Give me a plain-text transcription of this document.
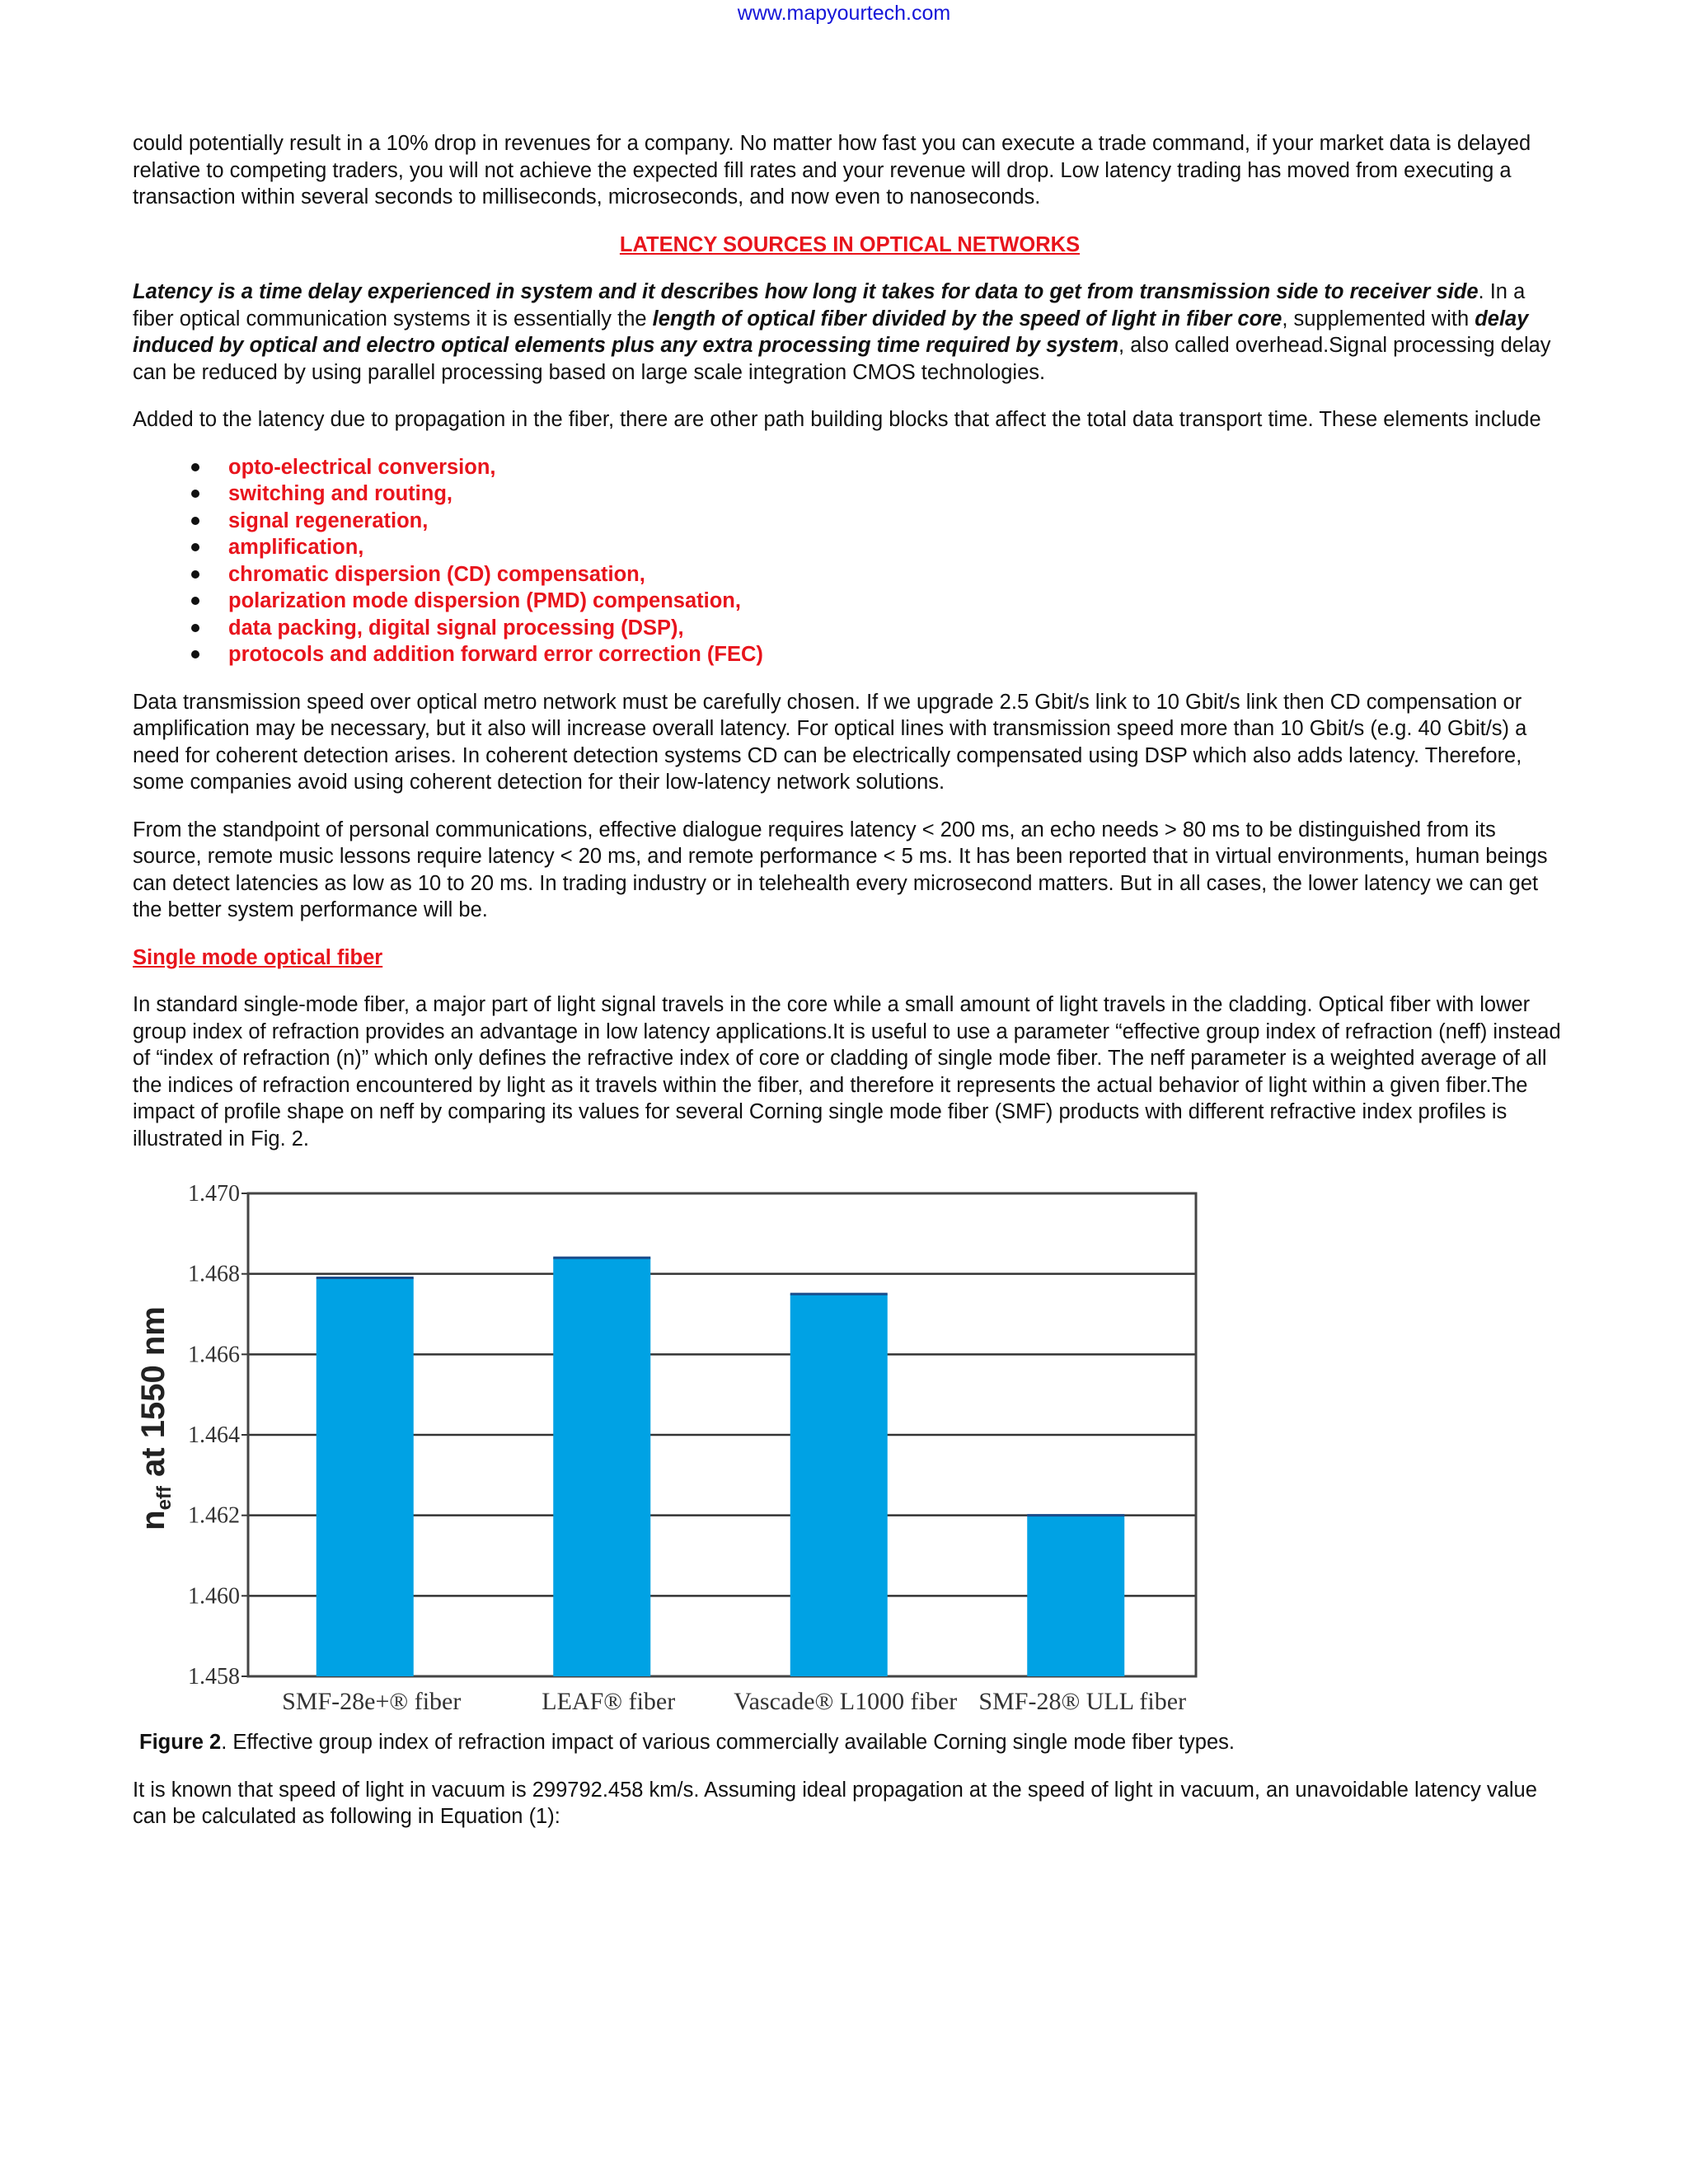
www.mapyourtech.com

could potentially result in a 10% drop in revenues for a company. No matter how fast you can execute a trade command, if your market data is delayed relative to competing traders, you will not achieve the expected fill rates and your revenue will drop. Low latency trading has moved from executing a transaction within several seconds to milliseconds, microseconds, and now even to nanoseconds.

LATENCY SOURCES IN OPTICAL NETWORKS

Latency is a time delay experienced in system and it describes how long it takes for data to get from transmission side to receiver side. In a fiber optical communication systems it is essentially the length of optical fiber divided by the speed of light in fiber core, supplemented with delay induced by optical and electro optical elements plus any extra processing time required by system, also called overhead.Signal processing delay can be reduced by using parallel processing based on large scale integration CMOS technologies.

Added to the latency due to propagation in the fiber, there are other path building blocks that affect the total data transport time. These elements include

opto-electrical conversion,
switching and routing,
signal regeneration,
amplification,
chromatic dispersion (CD) compensation,
polarization mode dispersion (PMD) compensation,
data packing, digital signal processing (DSP),
protocols and addition forward error correction (FEC)

Data transmission speed over optical metro network must be carefully chosen. If we upgrade 2.5 Gbit/s link to 10 Gbit/s link then CD compensation or amplification may be necessary, but it also will increase overall latency. For optical lines with transmission speed more than 10 Gbit/s (e.g. 40 Gbit/s) a need for coherent detection arises. In coherent detection systems CD can be electrically compensated using DSP which also adds latency. Therefore, some companies avoid using coherent detection for their low-latency network solutions.

From the standpoint of personal communications, effective dialogue requires latency < 200 ms, an echo needs > 80 ms to be distinguished from its source, remote music lessons require latency < 20 ms, and remote performance < 5 ms. It has been reported that in virtual environments, human beings can detect latencies as low as 10 to 20 ms. In trading industry or in telehealth every microsecond matters. But in all cases, the lower latency we can get the better system performance will be.

Single mode optical fiber

In standard single-mode fiber, a major part of light signal travels in the core while a small amount of light travels in the cladding. Optical fiber with lower group index of refraction provides an advantage in low latency applications.It is useful to use a parameter “effective group index of refraction (neff) instead of “index of refraction (n)” which only defines the refractive index of core or cladding of single mode fiber. The neff parameter is a weighted average of all the indices of refraction encountered by light as it travels within the fiber, and therefore it represents the actual behavior of light within a given fiber.The impact of profile shape on neff by comparing its values for several Corning single mode fiber (SMF) products with different refractive index profiles is illustrated in Fig. 2.

1.470
1.468
1.466
1.464
1.462
1.460
1.458
SMF-28e+® fiber	LEAF® fiber Vascade® L1000 fiber SMF-28® ULL fiber
$n_{eff}$ at 1550 nm

Figure 2. Effective group index of refraction impact of various commercially available Corning single mode fiber types.

It is known that speed of light in vacuum is 299792.458 km/s. Assuming ideal propagation at the speed of light in vacuum, an unavoidable latency value can be calculated as following in Equation (1):
